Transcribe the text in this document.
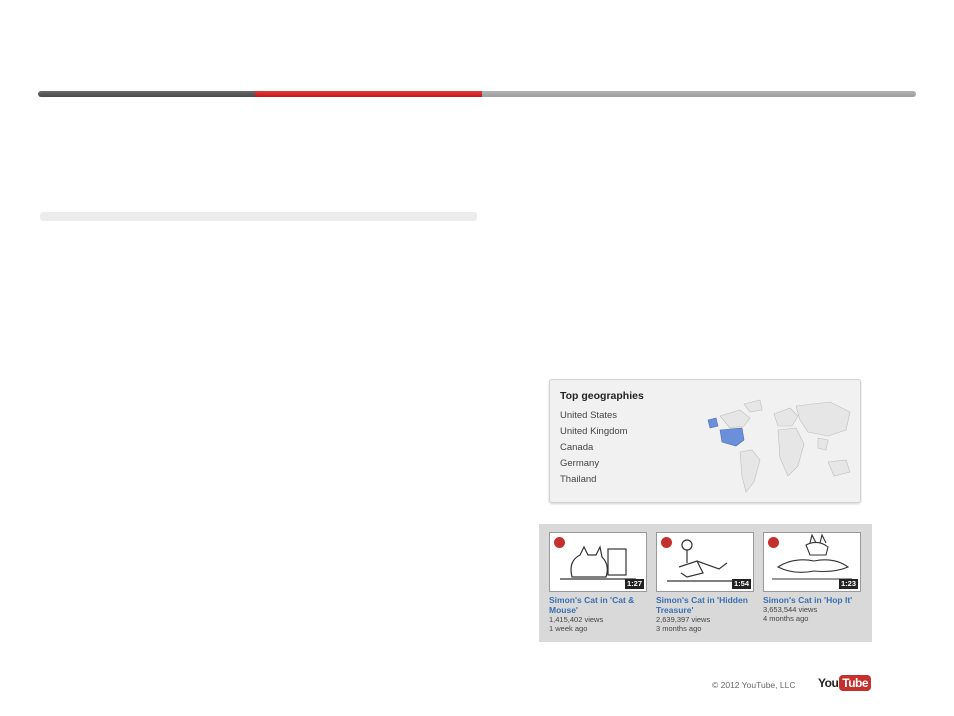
Top geographies
United States
United Kingdom
Canada
Germany
Thailand
1:27
Simon's Cat in 'Cat & Mouse'
1,415,402 views
1 week ago
1:54
Simon's Cat in 'Hidden Treasure'
2,639,397 views
3 months ago
1:23
Simon's Cat in 'Hop It'
3,653,544 views
4 months ago
© 2012 YouTube, LLC You Tube
